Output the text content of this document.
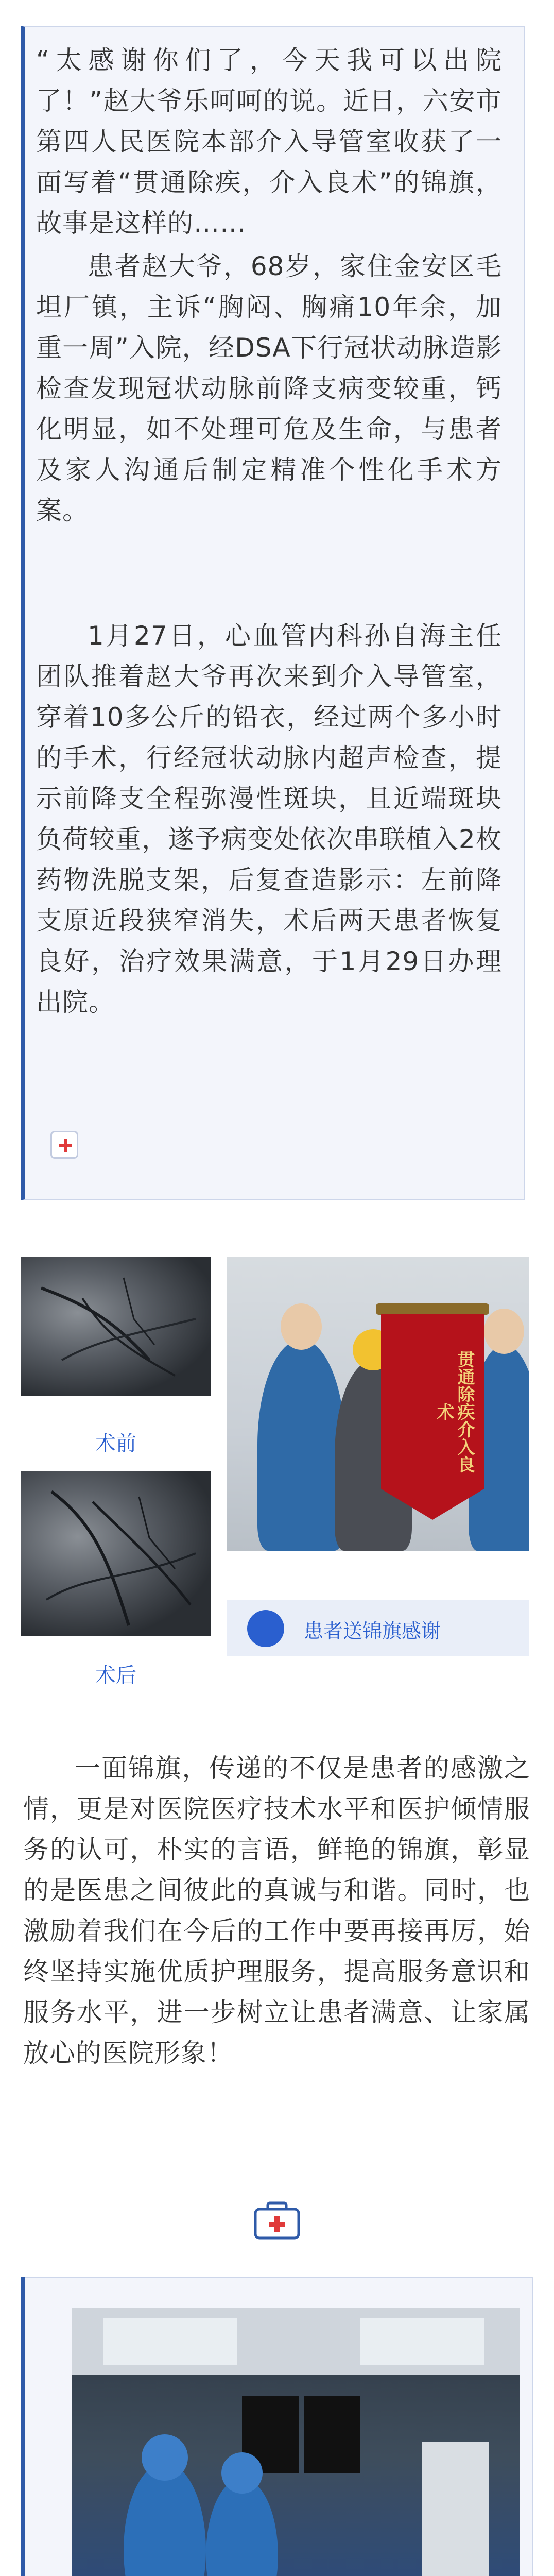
“太感谢你们了，今天我可以出院了！”赵大爷乐呵呵的说。近日，六安市第四人民医院本部介入导管室收获了一面写着“贯通除疾，介入良术”的锦旗，故事是这样的……
患者赵大爷，68岁，家住金安区毛坦厂镇，主诉“胸闷、胸痛10年余，加重一周”入院，经DSA下行冠状动脉造影检查发现冠状动脉前降支病变较重，钙化明显，如不处理可危及生命，与患者及家人沟通后制定精准个性化手术方案。
1月27日，心血管内科孙自海主任团队推着赵大爷再次来到介入导管室，穿着10多公斤的铅衣，经过两个多小时的手术，行经冠状动脉内超声检查，提示前降支全程弥漫性斑块，且近端斑块负荷较重，遂予病变处依次串联植入2枚药物洗脱支架，后复查造影示：左前降支原近段狭窄消失，术后两天患者恢复良好，治疗效果满意，于1月29日办理出院。
术前
术后
贯通除疾介入良术
患者送锦旗感谢
一面锦旗，传递的不仅是患者的感激之情，更是对医院医疗技术水平和医护倾情服务的认可，朴实的言语，鲜艳的锦旗，彰显的是医患之间彼此的真诚与和谐。同时，也激励着我们在今后的工作中要再接再厉，始终坚持实施优质护理服务，提高服务意识和服务水平，进一步树立让患者满意、让家属放心的医院形象！
